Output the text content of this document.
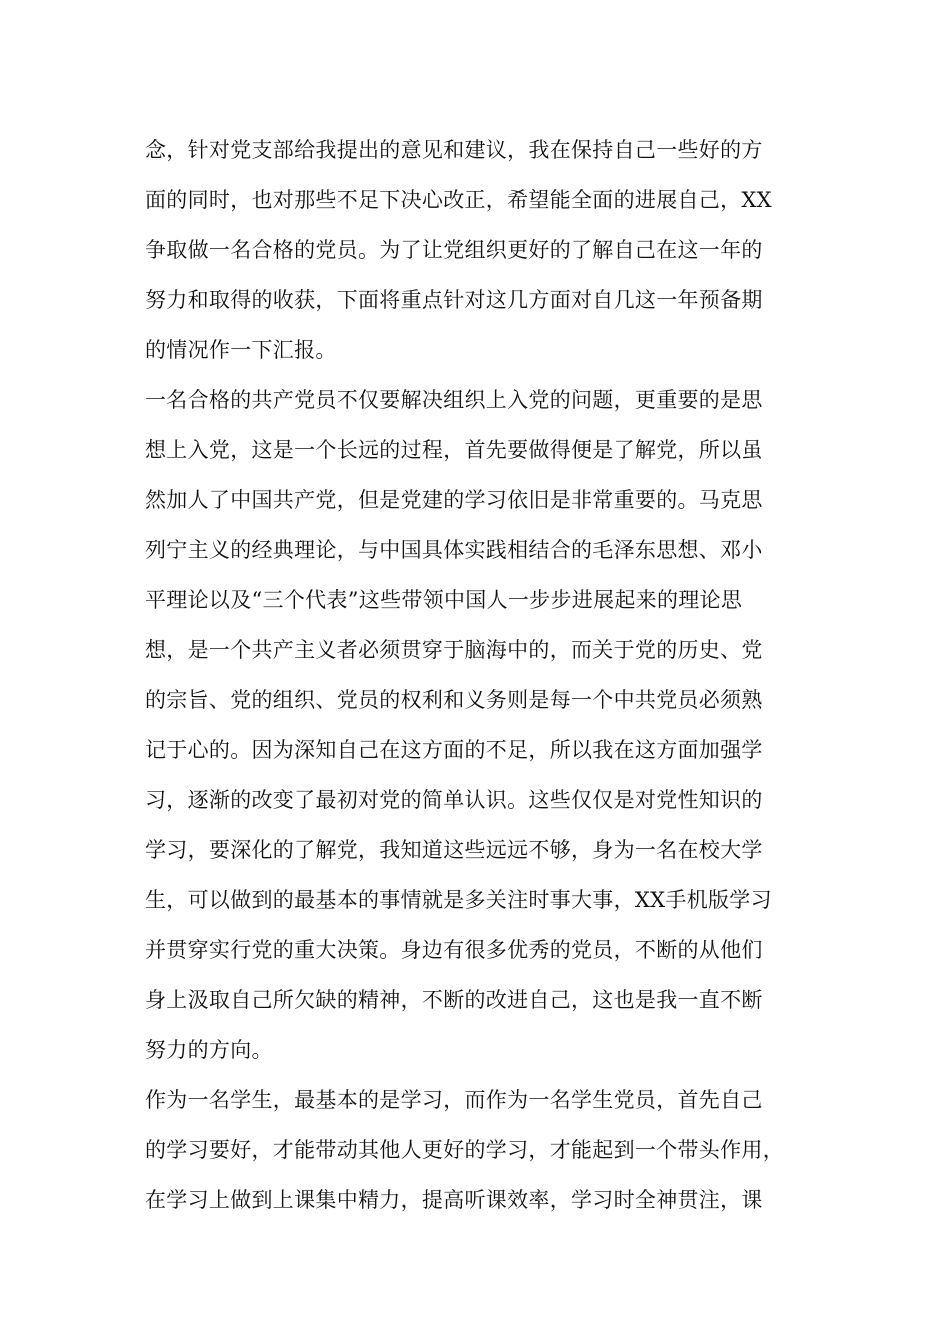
念，针对党支部给我提出的意见和建议，我在保持自己一些好的方
面的同时，也对那些不足下决心改正，希望能全面的进展自己，XX
争取做一名合格的党员。为了让党组织更好的了解自己在这一年的
努力和取得的收获，下面将重点针对这几方面对自几这一年预备期
的情况作一下汇报。
一名合格的共产党员不仅要解决组织上入党的问题，更重要的是思
想上入党，这是一个长远的过程，首先要做得便是了解党，所以虽
然加人了中国共产党，但是党建的学习依旧是非常重要的。马克思
列宁主义的经典理论，与中国具体实践相结合的毛泽东思想、邓小
平理论以及“三个代表”这些带领中国人一步步进展起来的理论思
想，是一个共产主义者必须贯穿于脑海中的，而关于党的历史、党
的宗旨、党的组织、党员的权利和义务则是每一个中共党员必须熟
记于心的。因为深知自己在这方面的不足，所以我在这方面加强学
习，逐渐的改变了最初对党的简单认识。这些仅仅是对党性知识的
学习，要深化的了解党，我知道这些远远不够，身为一名在校大学
生，可以做到的最基本的事情就是多关注时事大事，XX手机版学习
并贯穿实行党的重大决策。身边有很多优秀的党员，不断的从他们
身上汲取自己所欠缺的精神，不断的改进自己，这也是我一直不断
努力的方向。
作为一名学生，最基本的是学习，而作为一名学生党员，首先自己
的学习要好，才能带动其他人更好的学习，才能起到一个带头作用，
在学习上做到上课集中精力，提高听课效率，学习时全神贯注，课
